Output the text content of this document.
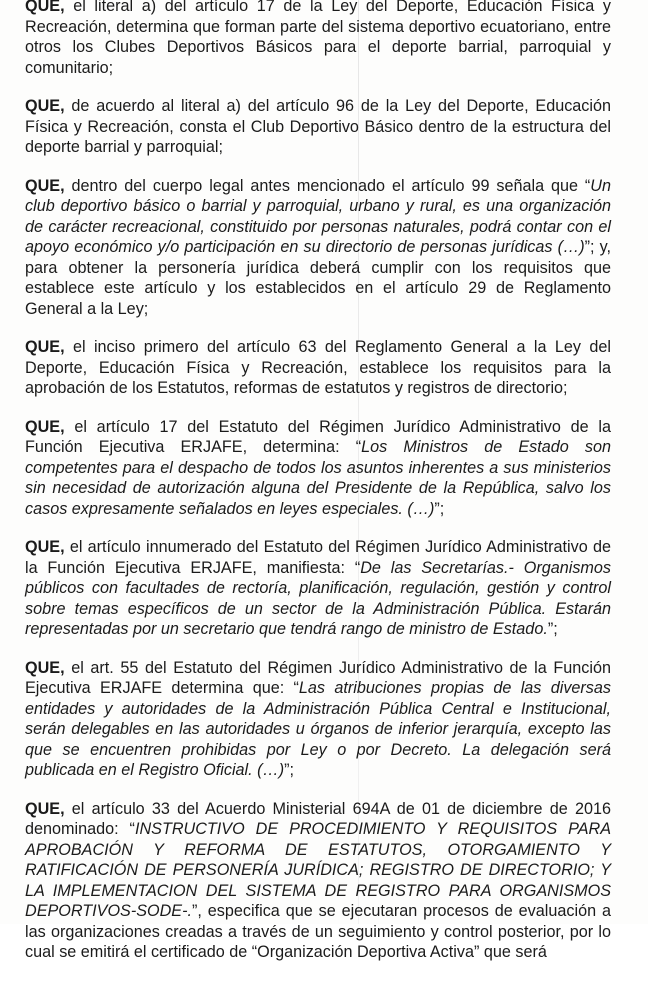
QUE, el literal a) del artículo 17 de la Ley del Deporte, Educación Física y Recreación, determina que forman parte del sistema deportivo ecuatoriano, entre otros los Clubes Deportivos Básicos para el deporte barrial, parroquial y comunitario;

QUE, de acuerdo al literal a) del artículo 96 de la Ley del Deporte, Educación Física y Recreación, consta el Club Deportivo Básico dentro de la estructura del deporte barrial y parroquial;

QUE, dentro del cuerpo legal antes mencionado el artículo 99 señala que “Un club deportivo básico o barrial y parroquial, urbano y rural, es una organización de carácter recreacional, constituido por personas naturales, podrá contar con el apoyo económico y/o participación en su directorio de personas jurídicas (…)”; y, para obtener la personería jurídica deberá cumplir con los requisitos que establece este artículo y los establecidos en el artículo 29 de Reglamento General a la Ley;

QUE, el inciso primero del artículo 63 del Reglamento General a la Ley del Deporte, Educación Física y Recreación, establece los requisitos para la aprobación de los Estatutos, reformas de estatutos y registros de directorio;

QUE, el artículo 17 del Estatuto del Régimen Jurídico Administrativo de la Función Ejecutiva ERJAFE, determina: “Los Ministros de Estado son competentes para el despacho de todos los asuntos inherentes a sus ministerios sin necesidad de autorización alguna del Presidente de la República, salvo los casos expresamente señalados en leyes especiales. (…)”;

QUE, el artículo innumerado del Estatuto del Régimen Jurídico Administrativo de la Función Ejecutiva ERJAFE, manifiesta: “De las Secretarías.- Organismos públicos con facultades de rectoría, planificación, regulación, gestión y control sobre temas específicos de un sector de la Administración Pública. Estarán representadas por un secretario que tendrá rango de ministro de Estado.”;

QUE, el art. 55 del Estatuto del Régimen Jurídico Administrativo de la Función Ejecutiva ERJAFE determina que: “Las atribuciones propias de las diversas entidades y autoridades de la Administración Pública Central e Institucional, serán delegables en las autoridades u órganos de inferior jerarquía, excepto las que se encuentren prohibidas por Ley o por Decreto. La delegación será publicada en el Registro Oficial. (…)”;

QUE, el artículo 33 del Acuerdo Ministerial 694A de 01 de diciembre de 2016 denominado: “INSTRUCTIVO DE PROCEDIMIENTO Y REQUISITOS PARA APROBACIÓN Y REFORMA DE ESTATUTOS, OTORGAMIENTO Y RATIFICACIÓN DE PERSONERÍA JURÍDICA; REGISTRO DE DIRECTORIO; Y LA IMPLEMENTACION DEL SISTEMA DE REGISTRO PARA ORGANISMOS DEPORTIVOS-SODE-.”, especifica que se ejecutaran procesos de evaluación a las organizaciones creadas a través de un seguimiento y control posterior, por lo cual se emitirá el certificado de “Organización Deportiva Activa” que será
